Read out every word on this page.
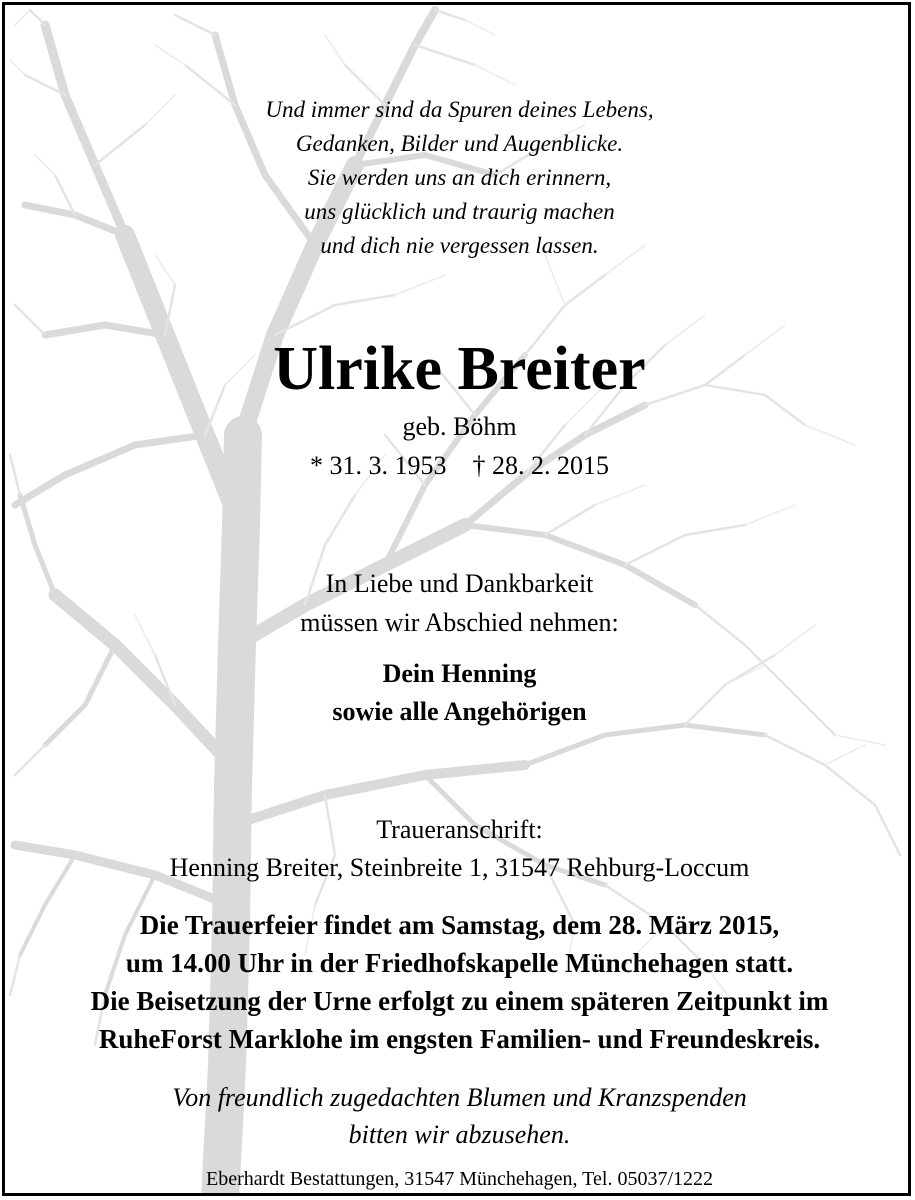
Und immer sind da Spuren deines Lebens,
Gedanken, Bilder und Augenblicke.
Sie werden uns an dich erinnern,
uns glücklich und traurig machen
und dich nie vergessen lassen.
Ulrike Breiter
geb. Böhm
* 31. 3. 1953    † 28. 2. 2015
In Liebe und Dankbarkeit
müssen wir Abschied nehmen:
Dein Henning
sowie alle Angehörigen
Traueranschrift:
Henning Breiter, Steinbreite 1, 31547 Rehburg-Loccum
Die Trauerfeier findet am Samstag, dem 28. März 2015,
um 14.00 Uhr in der Friedhofskapelle Münchehagen statt.
Die Beisetzung der Urne erfolgt zu einem späteren Zeitpunkt im
RuheForst Marklohe im engsten Familien- und Freundeskreis.
Von freundlich zugedachten Blumen und Kranzspenden
bitten wir abzusehen.
Eberhardt Bestattungen, 31547 Münchehagen, Tel. 05037/1222
